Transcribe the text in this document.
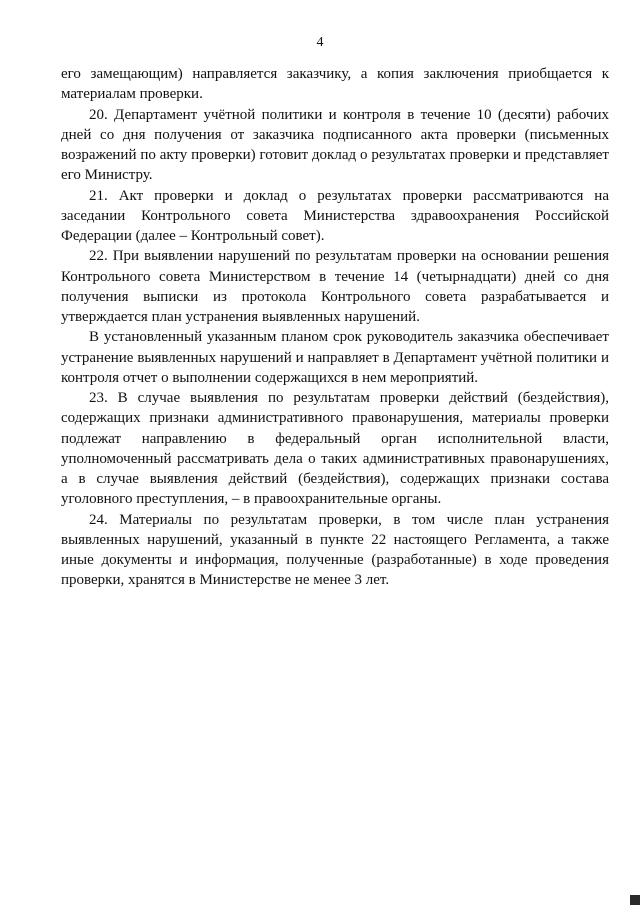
4

его замещающим) направляется заказчику, а копия заключения приобщается к материалам проверки.

20. Департамент учётной политики и контроля в течение 10 (десяти) рабочих дней со дня получения от заказчика подписанного акта проверки (письменных возражений по акту проверки) готовит доклад о результатах проверки и представляет его Министру.

21. Акт проверки и доклад о результатах проверки рассматриваются на заседании Контрольного совета Министерства здравоохранения Российской Федерации (далее – Контрольный совет).

22. При выявлении нарушений по результатам проверки на основании решения Контрольного совета Министерством в течение 14 (четырнадцати) дней со дня получения выписки из протокола Контрольного совета разрабатывается и утверждается план устранения выявленных нарушений.

В установленный указанным планом срок руководитель заказчика обеспечивает устранение выявленных нарушений и направляет в Департамент учётной политики и контроля отчет о выполнении содержащихся в нем мероприятий.

23. В случае выявления по результатам проверки действий (бездействия), содержащих признаки административного правонарушения, материалы проверки подлежат направлению в федеральный орган исполнительной власти, уполномоченный рассматривать дела о таких административных правонарушениях, а в случае выявления действий (бездействия), содержащих признаки состава уголовного преступления, – в правоохранительные органы.

24. Материалы по результатам проверки, в том числе план устранения выявленных нарушений, указанный в пункте 22 настоящего Регламента, а также иные документы и информация, полученные (разработанные) в ходе проведения проверки, хранятся в Министерстве не менее 3 лет.
